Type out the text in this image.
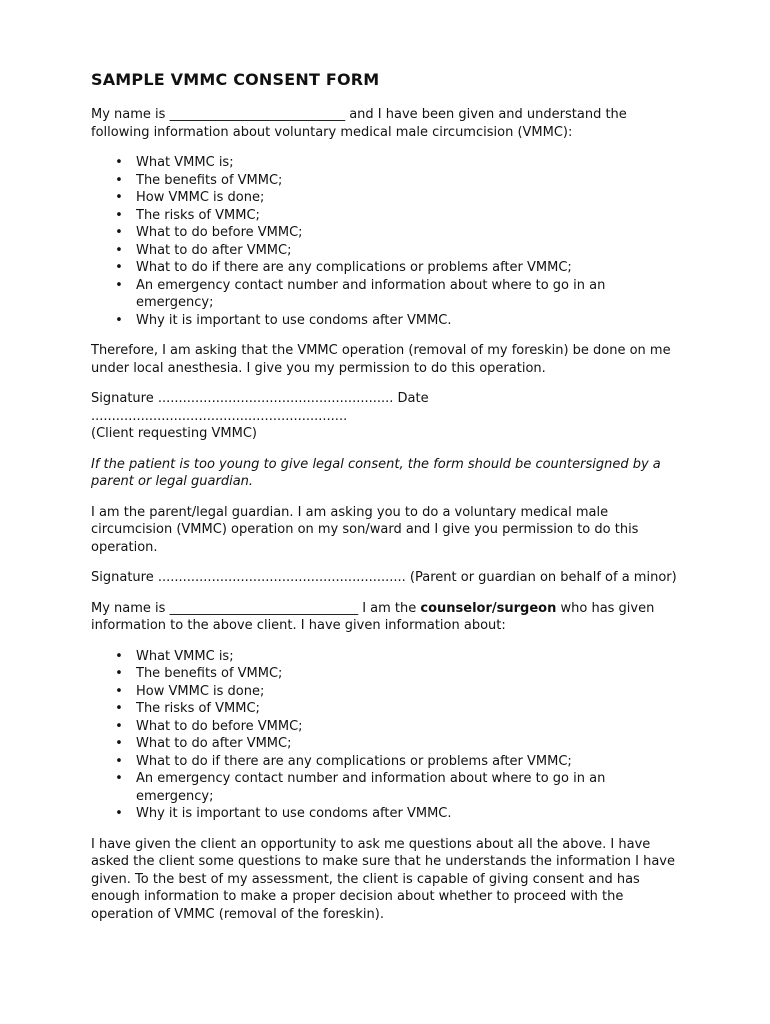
SAMPLE VMMC CONSENT FORM

My name is ___________________________ and I have been given and understand the following information about voluntary medical male circumcision (VMMC):

• What VMMC is;
• The benefits of VMMC;
• How VMMC is done;
• The risks of VMMC;
• What to do before VMMC;
• What to do after VMMC;
• What to do if there are any complications or problems after VMMC;
• An emergency contact number and information about where to go in an emergency;
• Why it is important to use condoms after VMMC.

Therefore, I am asking that the VMMC operation (removal of my foreskin) be done on me under local anesthesia. I give you my permission to do this operation.

Signature ......................................................... Date ..............................................................

(Client requesting VMMC)

If the patient is too young to give legal consent, the form should be countersigned by a parent or legal guardian.

I am the parent/legal guardian. I am asking you to do a voluntary medical male circumcision (VMMC) operation on my son/ward and I give you permission to do this operation.

Signature ............................................................ (Parent or guardian on behalf of a minor)

My name is _____________________________ I am the counselor/surgeon who has given information to the above client. I have given information about:

• What VMMC is;
• The benefits of VMMC;
• How VMMC is done;
• The risks of VMMC;
• What to do before VMMC;
• What to do after VMMC;
• What to do if there are any complications or problems after VMMC;
• An emergency contact number and information about where to go in an emergency;
• Why it is important to use condoms after VMMC.

I have given the client an opportunity to ask me questions about all the above. I have asked the client some questions to make sure that he understands the information I have given. To the best of my assessment, the client is capable of giving consent and has enough information to make a proper decision about whether to proceed with the operation of VMMC (removal of the foreskin).
